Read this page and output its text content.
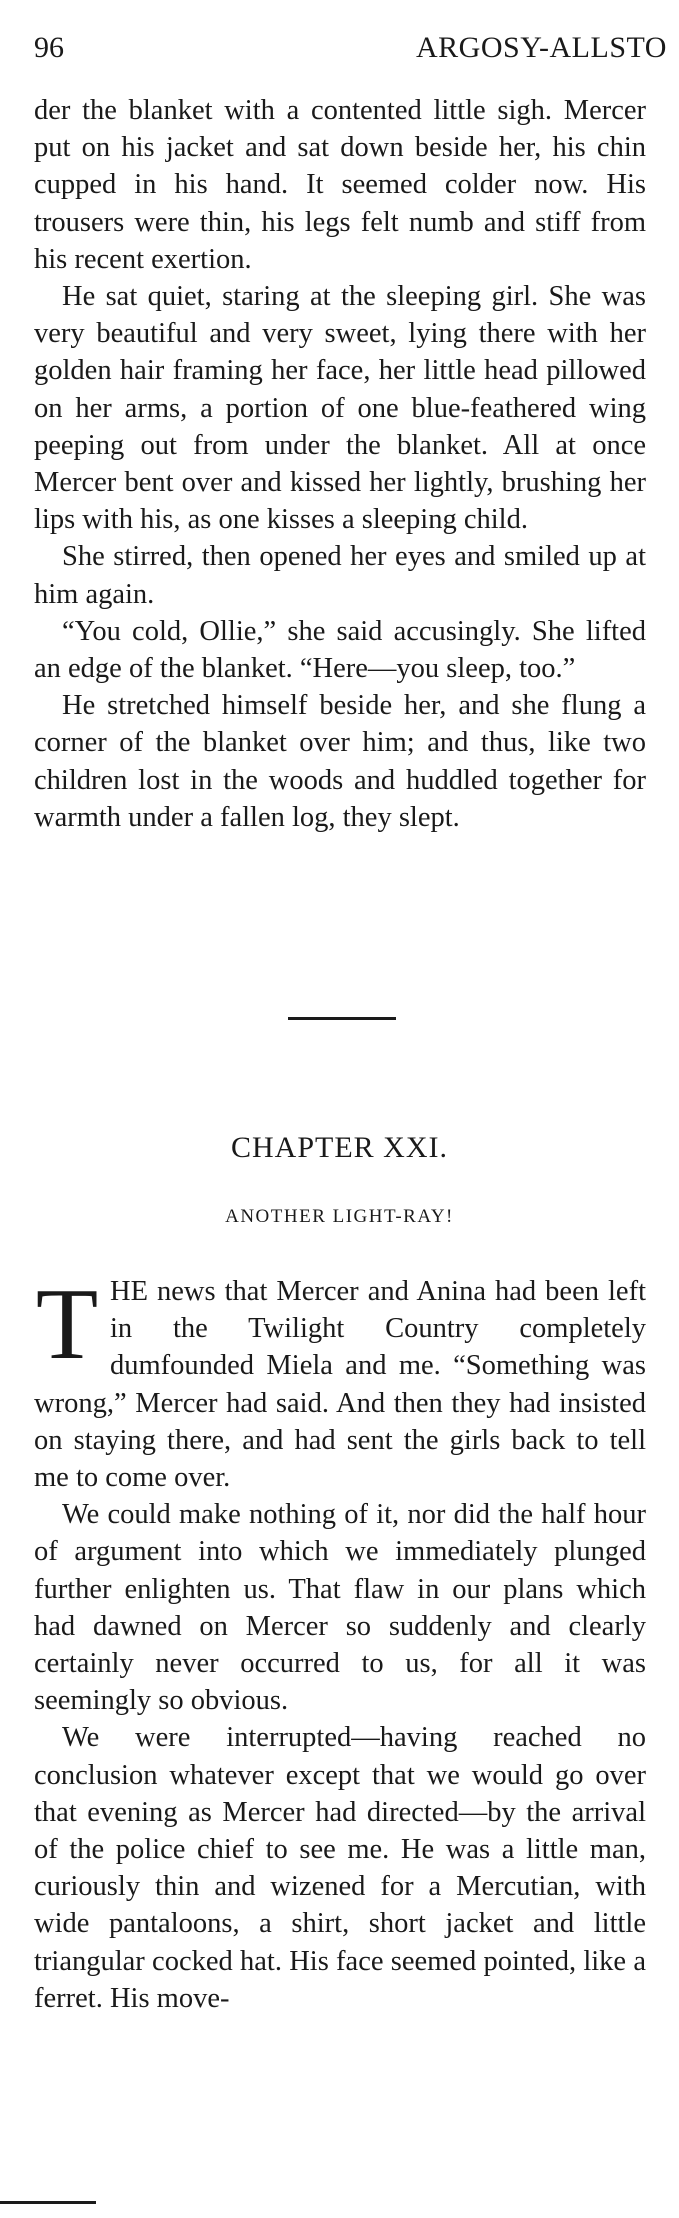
96	ARGOSY-ALLSTO

der the blanket with a contented little sigh. Mercer put on his jacket and sat down beside her, his chin cupped in his hand. It seemed colder now. His trousers were thin, his legs felt numb and stiff from his recent exertion.

He sat quiet, staring at the sleeping girl. She was very beautiful and very sweet, lying there with her golden hair framing her face, her little head pillowed on her arms, a portion of one blue-feathered wing peeping out from under the blanket. All at once Mercer bent over and kissed her lightly, brushing her lips with his, as one kisses a sleeping child.

She stirred, then opened her eyes and smiled up at him again.

“You cold, Ollie,” she said accusingly. She lifted an edge of the blanket. “Here—you sleep, too.”

He stretched himself beside her, and she flung a corner of the blanket over him; and thus, like two children lost in the woods and huddled together for warmth under a fallen log, they slept.

CHAPTER XXI.
ANOTHER LIGHT-RAY!

THE news that Mercer and Anina had been left in the Twilight Country completely dumfounded Miela and me. “Something was wrong,” Mercer had said. And then they had insisted on staying there, and had sent the girls back to tell me to come over.

We could make nothing of it, nor did the half hour of argument into which we immediately plunged further enlighten us. That flaw in our plans which had dawned on Mercer so suddenly and clearly certainly never occurred to us, for all it was seemingly so obvious.

We were interrupted—having reached no conclusion whatever except that we would go over that evening as Mercer had directed—by the arrival of the police chief to see me. He was a little man, curiously thin and wizened for a Mercutian, with wide pantaloons, a shirt, short jacket and little triangular cocked hat. His face seemed pointed, like a ferret. His move-
